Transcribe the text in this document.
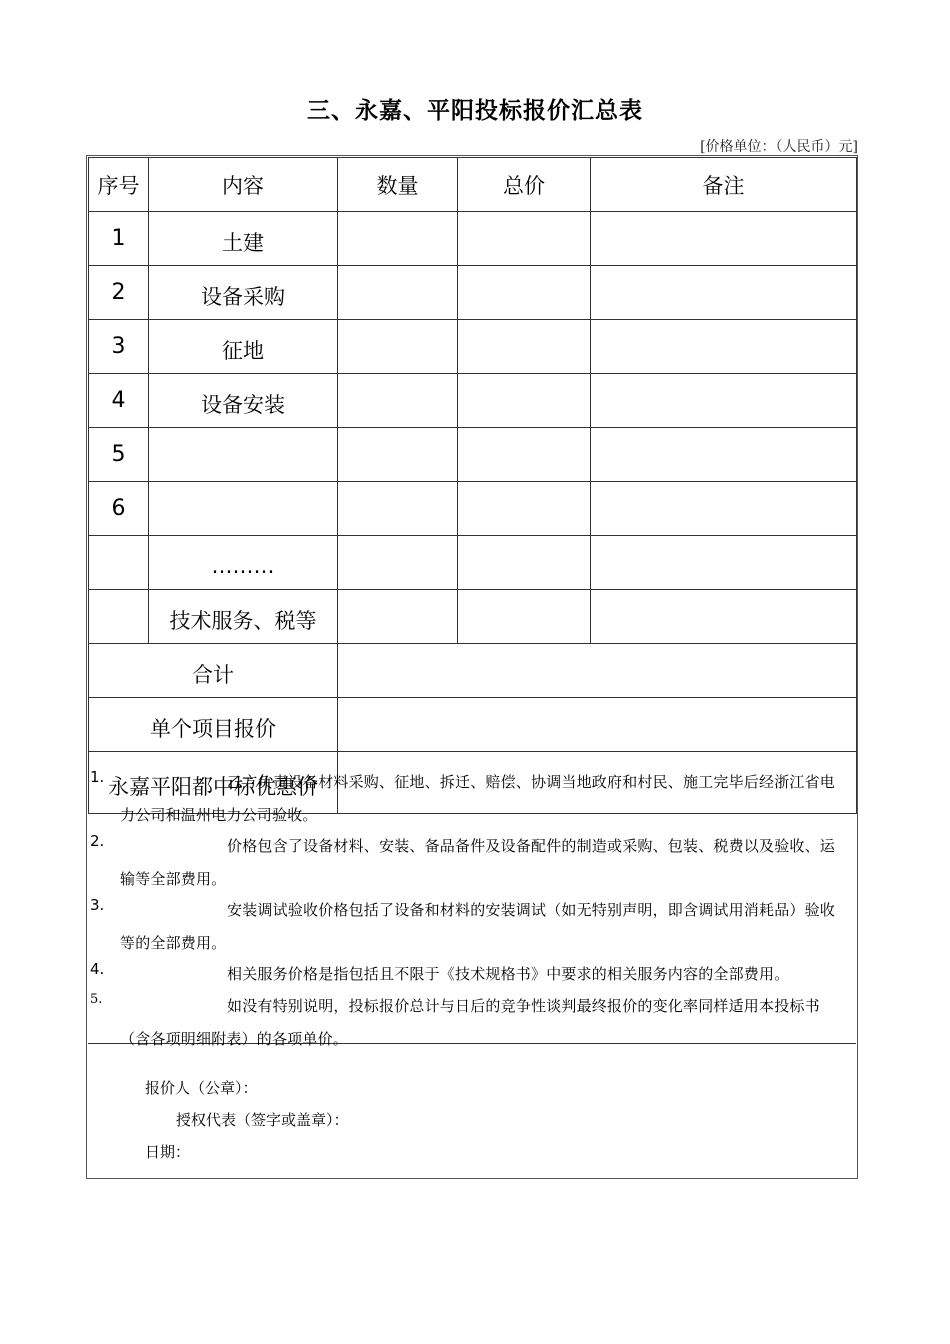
三、永嘉、平阳投标报价汇总表
[价格单位：（人民币）元]
序号	内容	数量	总价	备注
1	土建			
2	设备采购			
3	征地			
4	设备安装			
5				
6				
	………			
	技术服务、税等			
合计				
单个项目报价				
永嘉平阳都中标优惠价				
1.	乙方负责设备材料采购、征地、拆迁、赔偿、协调当地政府和村民、施工完毕后经浙江省电力公司和温州电力公司验收。
2.	价格包含了设备材料、安装、备品备件及设备配件的制造或采购、包装、税费以及验收、运输等全部费用。
3.	安装调试验收价格包括了设备和材料的安装调试（如无特别声明，即含调试用消耗品）验收等的全部费用。
4.	相关服务价格是指包括且不限于《技术规格书》中要求的相关服务内容的全部费用。
5.	如没有特别说明，投标报价总计与日后的竞争性谈判最终报价的变化率同样适用本投标书（含各项明细附表）的各项单价。
报价人（公章）：
授权代表（签字或盖章）：
日期：
